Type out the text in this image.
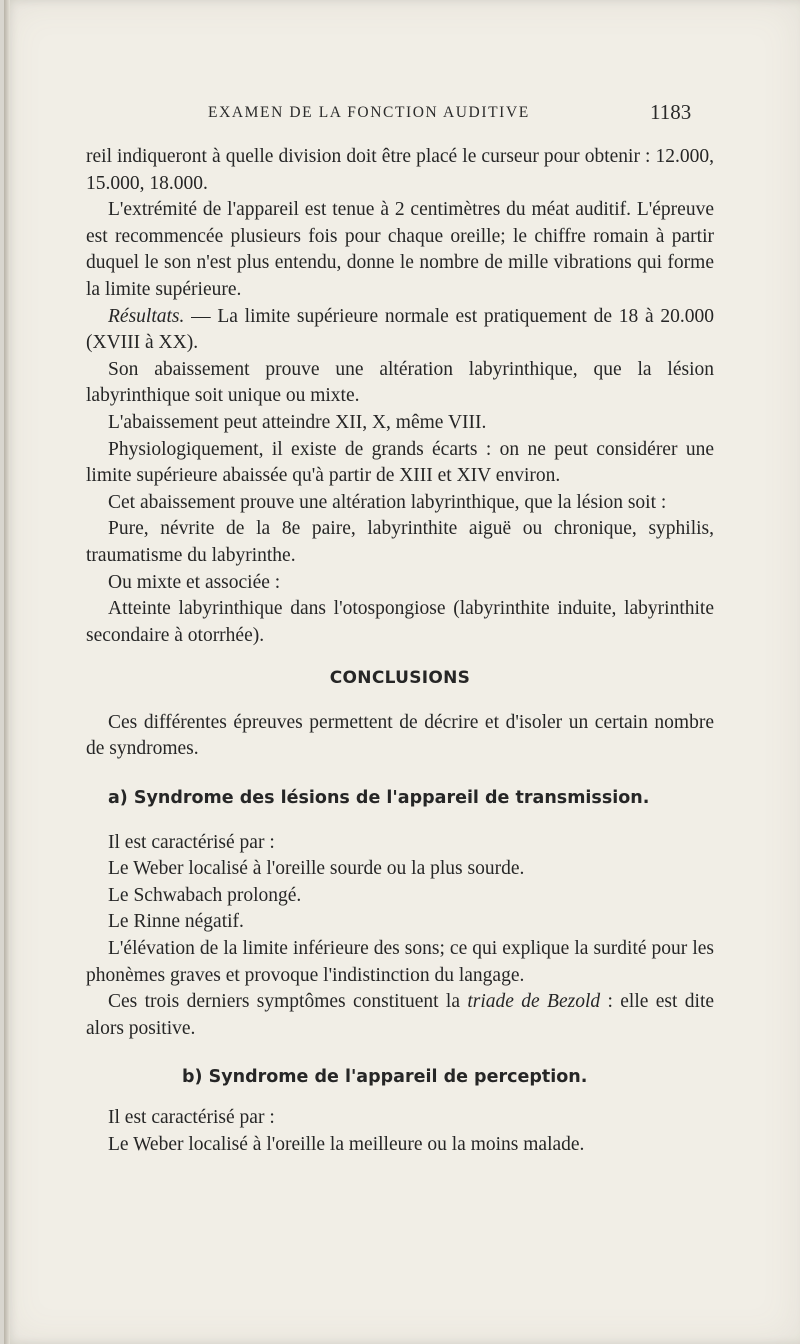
EXAMEN DE LA FONCTION AUDITIVE	1183

reil indiqueront à quelle division doit être placé le curseur pour obtenir : 12.000, 15.000, 18.000.

L'extrémité de l'appareil est tenue à 2 centimètres du méat auditif. L'épreuve est recommencée plusieurs fois pour chaque oreille; le chiffre romain à partir duquel le son n'est plus entendu, donne le nombre de mille vibrations qui forme la limite supérieure.

Résultats. — La limite supérieure normale est pratiquement de 18 à 20.000 (XVIII à XX).

Son abaissement prouve une altération labyrinthique, que la lésion labyrinthique soit unique ou mixte.

L'abaissement peut atteindre XII, X, même VIII.

Physiologiquement, il existe de grands écarts : on ne peut considérer une limite supérieure abaissée qu'à partir de XIII et XIV environ.

Cet abaissement prouve une altération labyrinthique, que la lésion soit :

Pure, névrite de la 8e paire, labyrinthite aiguë ou chronique, syphilis, traumatisme du labyrinthe.

Ou mixte et associée :

Atteinte labyrinthique dans l'otospongiose (labyrinthite induite, labyrinthite secondaire à otorrhée).

CONCLUSIONS

Ces différentes épreuves permettent de décrire et d'isoler un certain nombre de syndromes.

a) Syndrome des lésions de l'appareil de transmission.

Il est caractérisé par :

Le Weber localisé à l'oreille sourde ou la plus sourde.

Le Schwabach prolongé.

Le Rinne négatif.

L'élévation de la limite inférieure des sons; ce qui explique la surdité pour les phonèmes graves et provoque l'indistinction du langage.

Ces trois derniers symptômes constituent la triade de Bezold : elle est dite alors positive.

b) Syndrome de l'appareil de perception.

Il est caractérisé par :

Le Weber localisé à l'oreille la meilleure ou la moins malade.
